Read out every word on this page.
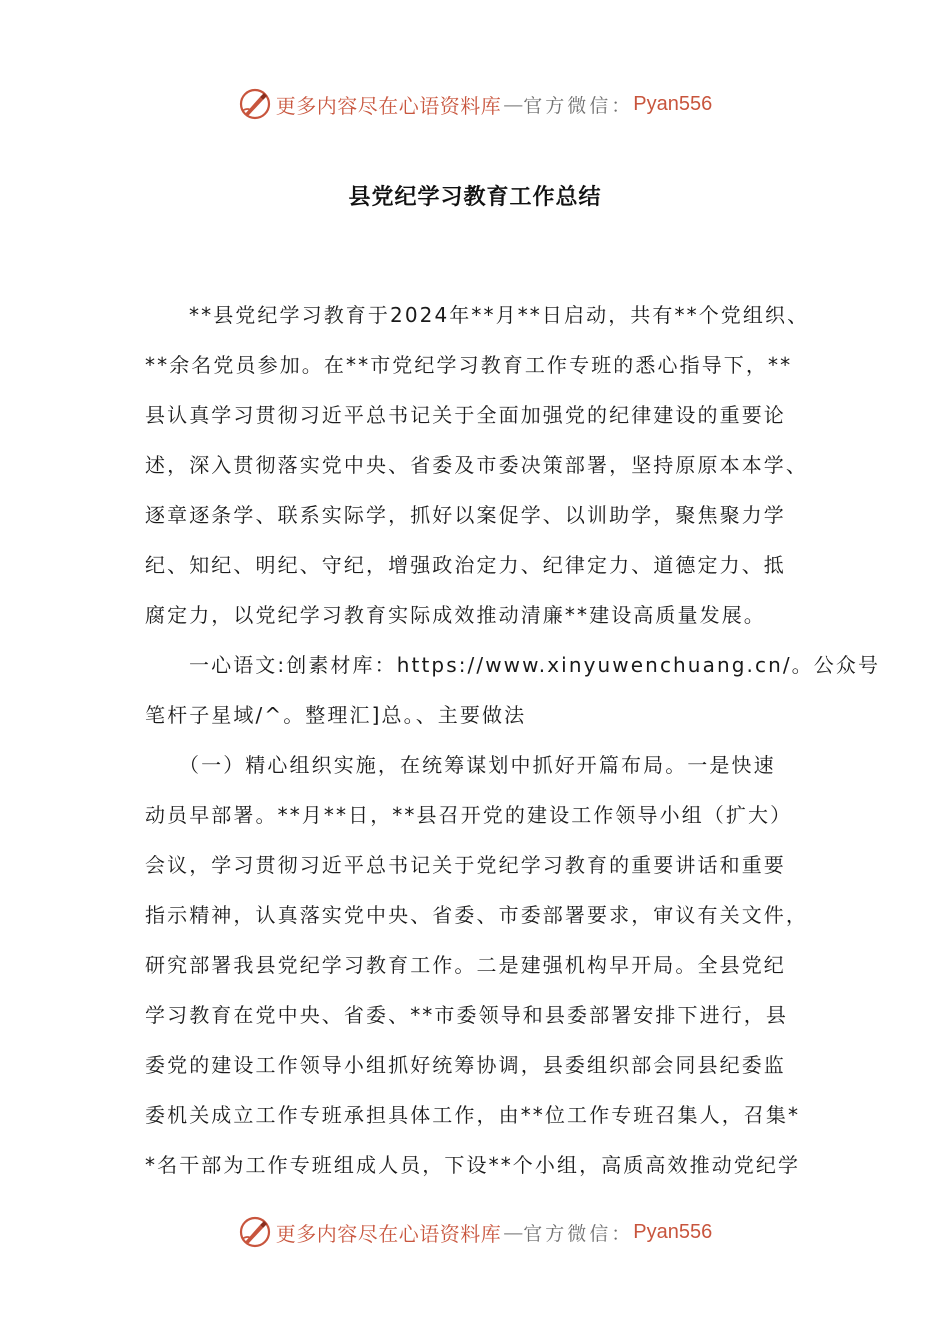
更多内容尽在心语资料库 — 官方微信： Pyan556
县党纪学习教育工作总结
**县党纪学习教育于2024年**月**日启动，共有**个党组织、
**余名党员参加。在**市党纪学习教育工作专班的悉心指导下，**
县认真学习贯彻习近平总书记关于全面加强党的纪律建设的重要论
述，深入贯彻落实党中央、省委及市委决策部署，坚持原原本本学、
逐章逐条学、联系实际学，抓好以案促学、以训助学，聚焦聚力学
纪、知纪、明纪、守纪，增强政治定力、纪律定力、道德定力、抵
腐定力，以党纪学习教育实际成效推动清廉**建设高质量发展。
一心语文:创素材库：https://www.xinyuwenchuang.cn/。公众号
笔杆子星域/^。整理汇]总。、主要做法
（一）精心组织实施，在统筹谋划中抓好开篇布局。一是快速
动员早部署。**月**日，**县召开党的建设工作领导小组（扩大）
会议，学习贯彻习近平总书记关于党纪学习教育的重要讲话和重要
指示精神，认真落实党中央、省委、市委部署要求，审议有关文件，
研究部署我县党纪学习教育工作。二是建强机构早开局。全县党纪
学习教育在党中央、省委、**市委领导和县委部署安排下进行，县
委党的建设工作领导小组抓好统筹协调，县委组织部会同县纪委监
委机关成立工作专班承担具体工作，由**位工作专班召集人，召集*
*名干部为工作专班组成人员，下设**个小组，高质高效推动党纪学
更多内容尽在心语资料库 — 官方微信： Pyan556
